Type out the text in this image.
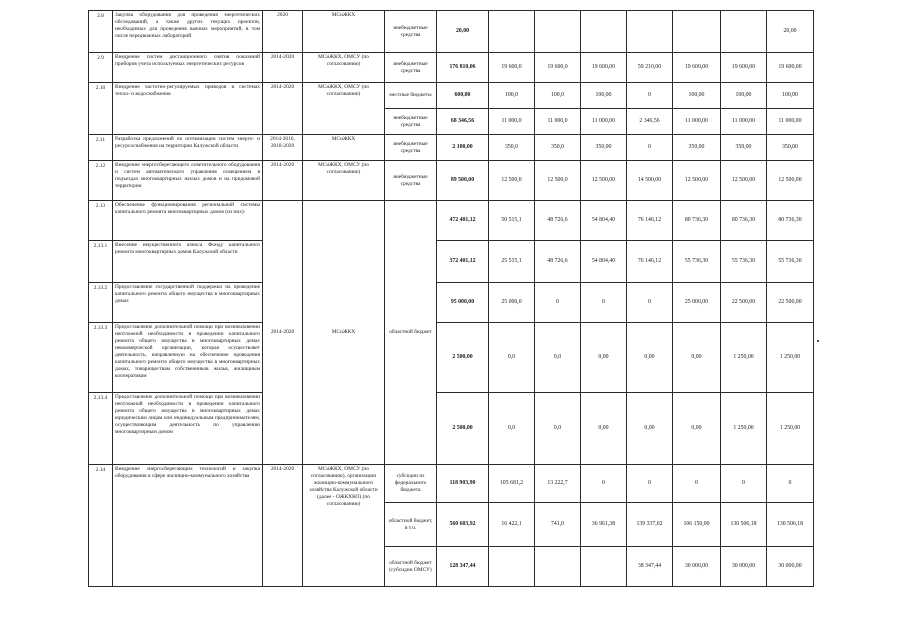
2.8	Закупка оборудования для проведения энергетических обследований, а также других текущих проектов, необходимых для проведения важных мероприятий, в том числе передвижных лабораторий	2020	МСиЖКХ	внебюджетные средства	20,00							20,00
2.9	Внедрение систем дистанционного снятия показаний приборов учета используемых энергетических ресурсов	2014-2020	МСиЖКХ, ОМСУ (по согласованию)	внебюджетные средства	176 810,06	19 600,0	19 600,0	19 600,00	59 210,00	19 600,00	19 600,00	19 600,00
2.10	Внедрение частотно-регулируемых приводов в системах тепло- и водоснабжения	2014-2020	МСиЖКХ, ОМСУ (по согласованию)	местные бюджеты	600,00	100,0	100,0	100,00	0	100,00	100,00	100,00
				внебюджетные средства	68 346,56	11 000,0	11 000,0	11 000,00	2 346,56	11 000,00	11 000,00	11 000,00
2.11	Разработка предложений по оптимизации систем энерго- и ресурсоснабжения на территории Калужской области	2014-2016, 2018-2020	МСиЖКХ	внебюджетные средства	2 100,00	350,0	350,0	350,00	0	350,00	350,00	350,00
2.12	Внедрение энергосберегающего осветительного оборудования и систем автоматического управления освещением в подъездах многоквартирных жилых домов и на придомовой территории	2014-2020	МСиЖКХ, ОМСУ (по согласованию)	внебюджетные средства	89 500,00	12 500,0	12 500,0	12 500,00	14 500,00	12 500,00	12 500,00	12 500,00
2.13	Обеспечение функционирования региональной системы капитального ремонта многоквартирных домов (из них):	2014-2020	МСиЖКХ	областной бюджет	472 401,12	50 515,1	48 726,6	54 804,40	76 146,12	80 736,30	80 736,30	80 736,30
2.13.1	Внесение имущественного взноса Фонду капитального ремонта многоквартирных домов Калужской области				372 401,12	25 515,1	48 726,6	54 804,40	76 146,12	55 736,30	55 736,30	55 736,30
2.13.2	Предоставление государственной поддержки на проведение капитального ремонта общего имущества в многоквартирных домах				95 000,00	25 000,0	0	0	0	25 000,00	22 500,00	22 500,00
2.13.3	Предоставление дополнительной помощи при возникновении неотложной необходимости в проведении капитального ремонта общего имущества в многоквартирных домах некоммерческой организации, которая осуществляет деятельность, направленную на обеспечение проведения капитального ремонта общего имущества в многоквартирных домах, товариществам собственников жилья, жилищным кооперативам				2 500,00	0,0	0,0	0,00	0,00	0,00	1 250,00	1 250,00
2.13.4	Предоставление дополнительной помощи при возникновении неотложной необходимости в проведении капитального ремонта общего имущества в многоквартирных домах юридическим лицам или индивидуальным предпринимателям, осуществляющим деятельность по управлению многоквартирным домом				2 500,00	0,0	0,0	0,00	0,00	0,00	1 250,00	1 250,00
2.14	Внедрение энергосберегающих технологий и закупка оборудования в сфере жилищно-коммунального хозяйства	2014-2020	МСиЖКХ, ОМСУ (по согласованию), организации жилищно-коммунального хозяйства Калужской области (далее - ОЖКХКО) (по согласованию)	субсидии из федерального бюджета	118 903,90	105 681,2	13 222,7	0	0	0	0	0
				областной бюджет, в т.ч.	560 603,92	16 422,1	741,0	36 961,38	139 337,02	106 150,00	130 506,18	130 506,18
				областной бюджет (субсидии ОМСУ)	128 347,44				38 347,44	30 000,00	30 000,00	30 000,00
